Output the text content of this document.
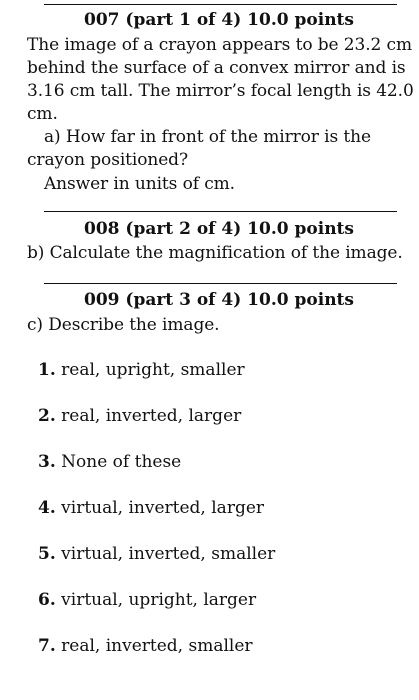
007 (part 1 of 4) 10.0 points
The image of a crayon appears to be 23.2 cm
behind the surface of a convex mirror and is
3.16 cm tall. The mirror’s focal length is 42.0
cm.
a) How far in front of the mirror is the
crayon positioned?
Answer in units of cm.
008 (part 2 of 4) 10.0 points
b) Calculate the magnification of the image.
009 (part 3 of 4) 10.0 points
c) Describe the image.
1. real, upright, smaller
2. real, inverted, larger
3. None of these
4. virtual, inverted, larger
5. virtual, inverted, smaller
6. virtual, upright, larger
7. real, inverted, smaller
